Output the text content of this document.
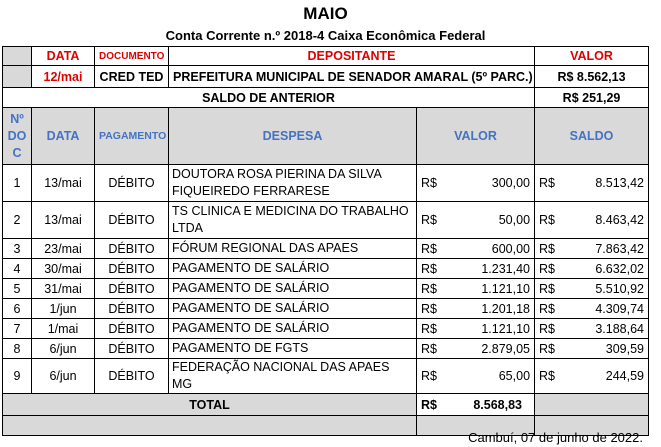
MAIO
Conta Corrente n.º 2018-4 Caixa Econômica Federal
	DATA	DOCUMENTO	DEPOSITANTE		VALOR
	12/mai	CRED TED	PREFEITURA MUNICIPAL DE SENADOR AMARAL (5º PARC.)		R$ 8.562,13
SALDO DE ANTERIOR					R$ 251,29
Nº DO C	DATA	PAGAMENTO	DESPESA	VALOR	SALDO
1	13/mai	DÉBITO	DOUTORA ROSA PIERINA DA SILVA FIQUEIREDO FERRARESE	R$ 300,00	R$ 8.513,42

2	13/mai	DÉBITO	TS CLINICA E MEDICINA DO TRABALHO LTDA	R$ 50,00	R$ 8.463,42

3	23/mai	DÉBITO	FÓRUM REGIONAL DAS APAES	R$ 600,00	R$ 7.863,42

4	30/mai	DÉBITO	PAGAMENTO DE SALÁRIO	R$ 1.231,40	R$ 6.632,02

5	31/mai	DÉBITO	PAGAMENTO DE SALÁRIO	R$ 1.121,10	R$ 5.510,92

6	1/jun	DÉBITO	PAGAMENTO DE SALÁRIO	R$ 1.201,18	R$ 4.309,74

7	1/mai	DÉBITO	PAGAMENTO DE SALÁRIO	R$ 1.121,10	R$ 3.188,64

8	6/jun	DÉBITO	PAGAMENTO DE FGTS	R$ 2.879,05	R$ 309,59

9	6/jun	DÉBITO	FEDERAÇÃO NACIONAL DAS APAES MG	R$ 65,00	R$ 244,59

TOTAL				R$ 8.568,83	

Cambuí, 07 de junho de 2022.
